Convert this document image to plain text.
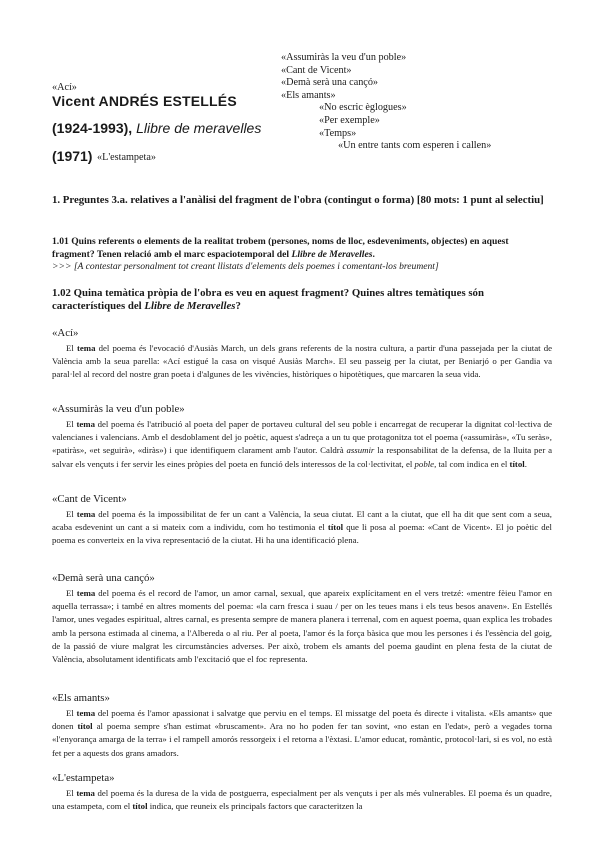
«Assumiràs la veu d'un poble»
«Cant de Vicent»
«Demà serà una cançó»
«Els amants»
«No escric èglogues»
«Per exemple»
«Temps»
«Un entre tants com esperen i callen»
«Ací»
Vicent ANDRÉS ESTELLÉS
(1924-1993), Llibre de meravelles
(1971) «L'estampeta»
1. Preguntes 3.a. relatives a l'anàlisi del fragment de l'obra (contingut o forma) [80 mots: 1 punt al selectiu]
1.01 Quins referents o elements de la realitat trobem (persones, noms de lloc, esdeveniments, objectes) en aquest fragment? Tenen relació amb el marc espaciotemporal del Llibre de Meravelles.
>>> [A contestar personalment tot creant llistats d'elements dels poemes i comentant-los breument]
1.02 Quina temàtica pròpia de l'obra es veu en aquest fragment? Quines altres temàtiques són característiques del Llibre de Meravelles?
«Ací»
El tema del poema és l'evocació d'Ausiàs March, un dels grans referents de la nostra cultura, a partir d'una passejada per la ciutat de València amb la seua parella: «Ací estigué la casa on visqué Ausiàs March». El seu passeig per la ciutat, per Beniarjó o per Gandia va paral·lel al record del nostre gran poeta i d'algunes de les vivències, històriques o hipotètiques, que marcaren la seua vida.
«Assumiràs la veu d'un poble»
El tema del poema és l'atribució al poeta del paper de portaveu cultural del seu poble i encarregat de recuperar la dignitat col·lectiva de valencianes i valencians. Amb el desdoblament del jo poètic, aquest s'adreça a un tu que protagonitza tot el poema («assumiràs», «Tu seràs», «patiràs», «et seguirà», «diràs») i que identifiquem clarament amb l'autor. Caldrà assumir la responsabilitat de la defensa, de la lluita per a salvar els vençuts i fer servir les eines pròpies del poeta en funció dels interessos de la col·lectivitat, el poble, tal com indica en el títol.
«Cant de Vicent»
El tema del poema és la impossibilitat de fer un cant a València, la seua ciutat. El cant a la ciutat, que ell ha dit que sent com a seua, acaba esdevenint un cant a si mateix com a individu, com ho testimonia el títol que li posa al poema: «Cant de Vicent». El jo poètic del poema es converteix en la viva representació de la ciutat. Hi ha una identificació plena.
«Demà serà una cançó»
El tema del poema és el record de l'amor, un amor carnal, sexual, que apareix explícitament en el vers tretzé: «mentre fèieu l'amor en aquella terrassa»; i també en altres moments del poema: «la carn fresca i suau / per on les teues mans i els teus besos anaven». En Estellés l'amor, unes vegades espiritual, altres carnal, es presenta sempre de manera planera i terrenal, com en aquest poema, quan explica les trobades amb la persona estimada al cinema, a l'Albereda o al riu. Per al poeta, l'amor és la força bàsica que mou les persones i és l'essència del goig, de la passió de viure malgrat les circumstàncies adverses. Per això, trobem els amants del poema gaudint en plena festa de la ciutat de València, absolutament identificats amb l'excitació que el foc representa.
«Els amants»
El tema del poema és l'amor apassionat i salvatge que perviu en el temps. El missatge del poeta és directe i vitalista. «Els amants» que donen títol al poema sempre s'han estimat «bruscament». Ara no ho poden fer tan sovint, «no estan en l'edat», però a vegades torna «l'enyorança amarga de la terra» i el rampell amorós ressorgeix i el retorna a l'èxtasi. L'amor educat, romàntic, protocol·lari, si es vol, no està fet per a aquests dos grans amadors.
«L'estampeta»
El tema del poema és la duresa de la vida de postguerra, especialment per als vençuts i per als més vulnerables. El poema és un quadre, una estampeta, com el títol indica, que reuneix els principals factors que caracteritzen la
